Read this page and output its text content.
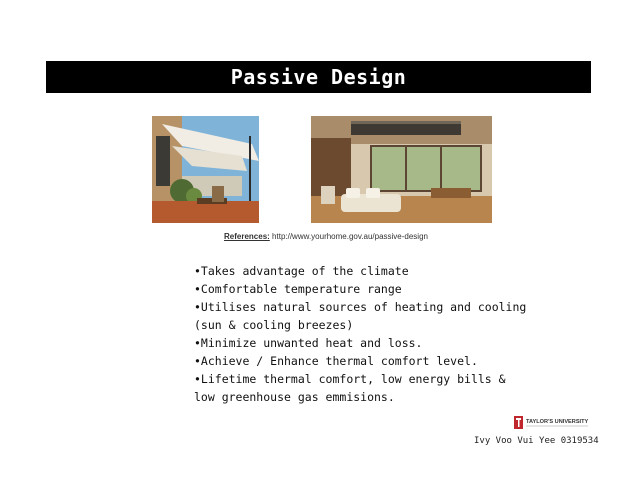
Passive Design
References: http://www.yourhome.gov.au/passive-design
•Takes advantage of the climate
•Comfortable temperature range
•Utilises natural sources of heating and cooling
(sun & cooling breezes)
•Minimize unwanted heat and loss.
•Achieve / Enhance thermal comfort level.
•Lifetime thermal comfort, low energy bills &
low greenhouse gas emmisions.
TAYLOR'S UNIVERSITY
Ivy Voo Vui Yee 0319534
